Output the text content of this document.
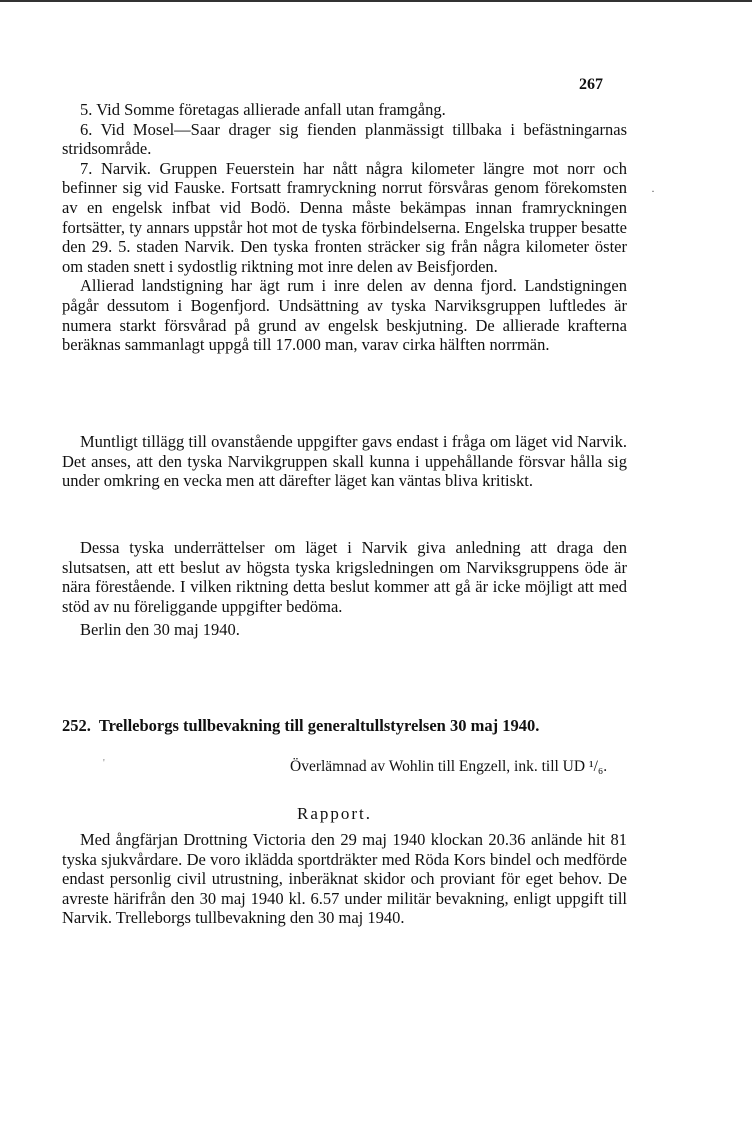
267

5. Vid Somme företagas allierade anfall utan framgång.

6. Vid Mosel—Saar drager sig fienden planmässigt tillbaka i befästningarnas stridsområde.

7. Narvik. Gruppen Feuerstein har nått några kilometer längre mot norr och befinner sig vid Fauske. Fortsatt framryckning norrut försvåras genom förekomsten av en engelsk infbat vid Bodö. Denna måste bekämpas innan framryckningen fortsätter, ty annars uppstår hot mot de tyska förbindelserna. Engelska trupper besatte den 29. 5. staden Narvik. Den tyska fronten sträcker sig från några kilometer öster om staden snett i sydostlig riktning mot inre delen av Beisfjorden.

Allierad landstigning har ägt rum i inre delen av denna fjord. Landstigningen pågår dessutom i Bogenfjord. Undsättning av tyska Narviksgruppen luftledes är numera starkt försvårad på grund av engelsk beskjutning. De allierade krafterna beräknas sammanlagt uppgå till 17.000 man, varav cirka hälften norrmän.

·

Muntligt tillägg till ovanstående uppgifter gavs endast i fråga om läget vid Narvik. Det anses, att den tyska Narvikgruppen skall kunna i uppehållande försvar hålla sig under omkring en vecka men att därefter läget kan väntas bliva kritiskt.

Dessa tyska underrättelser om läget i Narvik giva anledning att draga den slutsatsen, att ett beslut av högsta tyska krigsledningen om Narviksgruppens öde är nära förestående. I vilken riktning detta beslut kommer att gå är icke möjligt att med stöd av nu föreliggande uppgifter bedöma.

Berlin den 30 maj 1940.

252. Trelleborgs tullbevakning till generaltullstyrelsen 30 maj 1940.
'	Överlämnad av Wohlin till Engzell, ink. till UD ¹/₆.
Rapport.

Med ångfärjan Drottning Victoria den 29 maj 1940 klockan 20.36 anlände hit 81 tyska sjukvårdare. De voro iklädda sportdräkter med Röda Kors bindel och medförde endast personlig civil utrustning, inberäknat skidor och proviant för eget behov. De avreste härifrån den 30 maj 1940 kl. 6.57 under militär bevakning, enligt uppgift till Narvik. Trelleborgs tullbevakning den 30 maj 1940.
